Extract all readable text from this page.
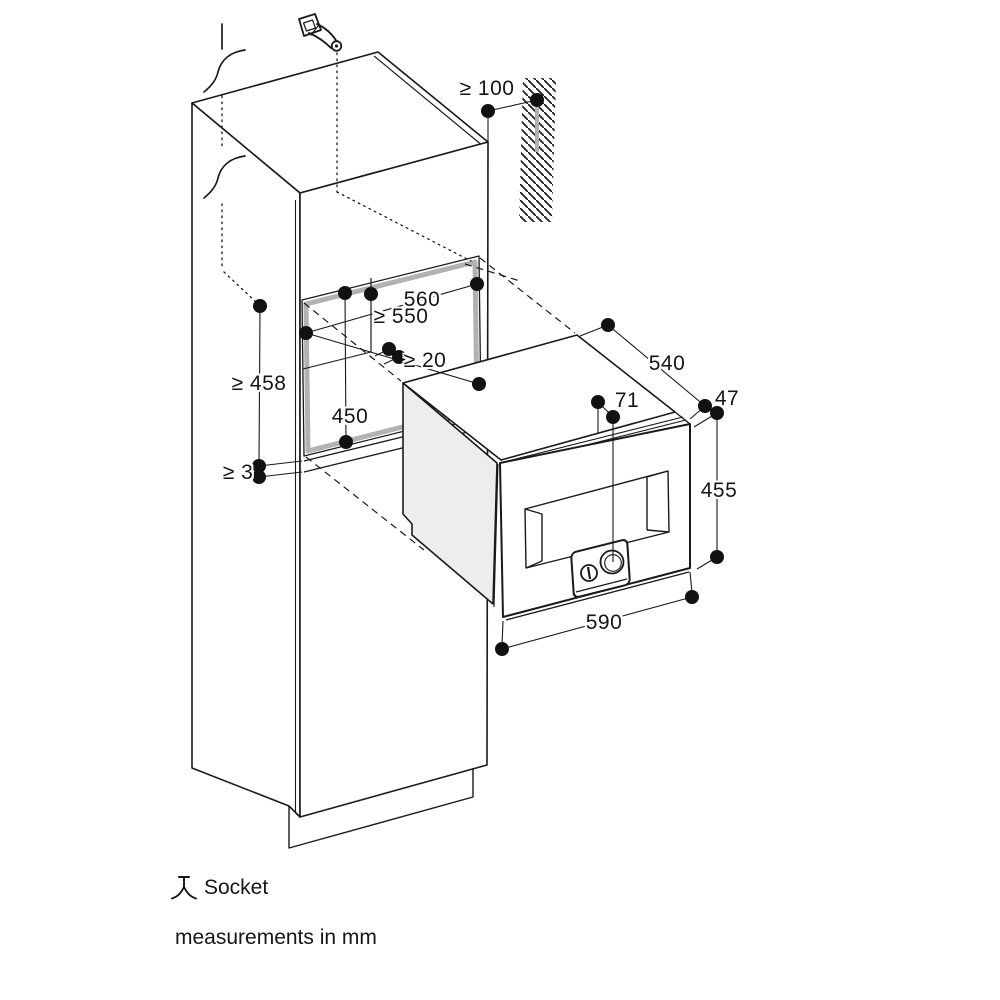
≥ 100
560
≥ 550
≥ 20
450
≥ 458
≥ 3
540
71	47
455
590
Socket
measurements in mm
